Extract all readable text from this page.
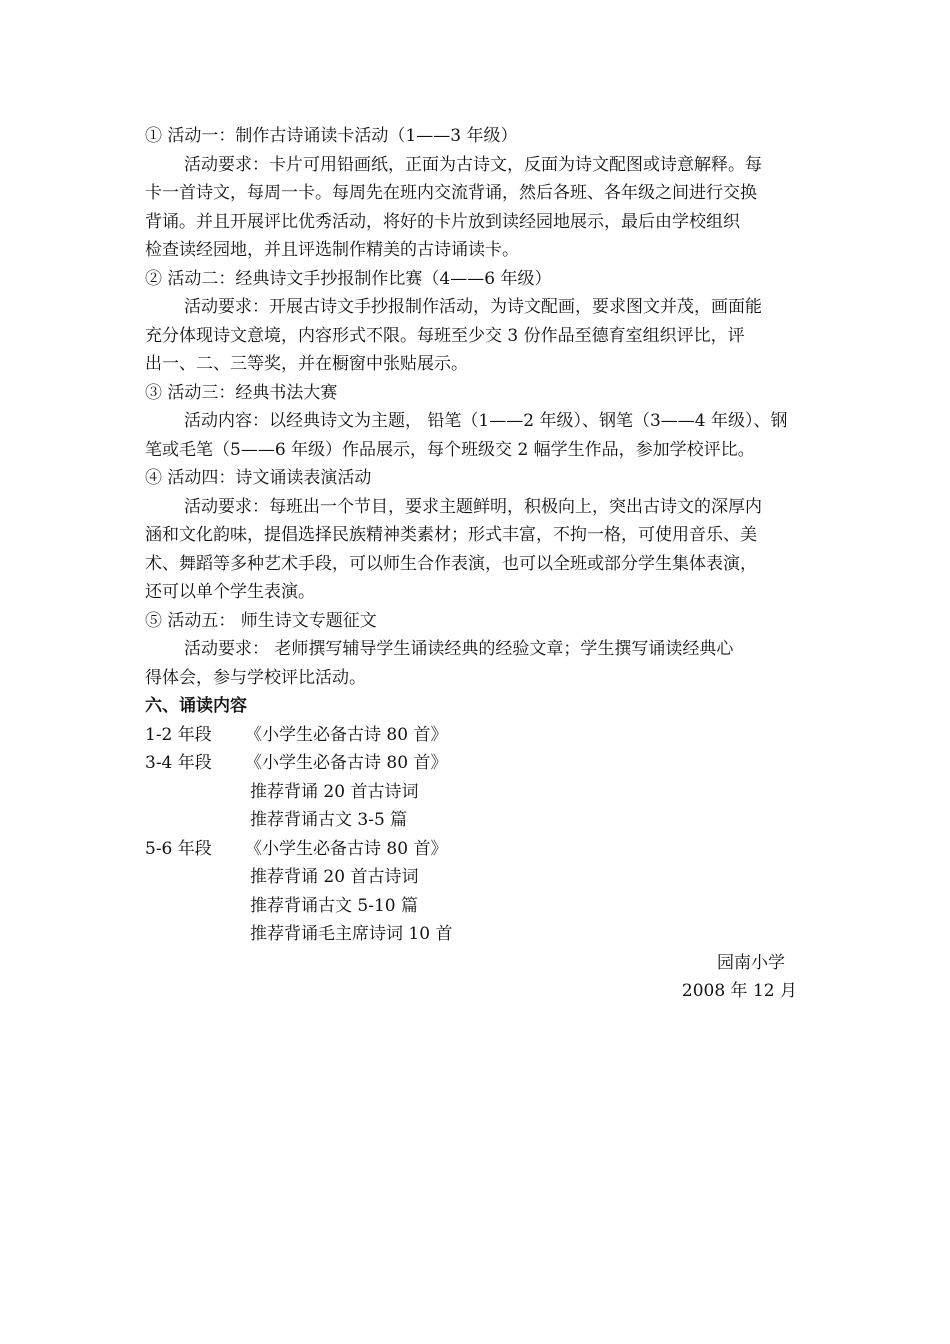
① 活动一：制作古诗诵读卡活动（1——3 年级）
活动要求：卡片可用铅画纸，正面为古诗文，反面为诗文配图或诗意解释。每
卡一首诗文，每周一卡。每周先在班内交流背诵，然后各班、各年级之间进行交换
背诵。并且开展评比优秀活动，将好的卡片放到读经园地展示，最后由学校组织
检查读经园地，并且评选制作精美的古诗诵读卡。
② 活动二：经典诗文手抄报制作比赛（4——6 年级）
活动要求：开展古诗文手抄报制作活动，为诗文配画，要求图文并茂，画面能
充分体现诗文意境，内容形式不限。每班至少交 3 份作品至德育室组织评比，评
出一、二、三等奖，并在橱窗中张贴展示。
③ 活动三：经典书法大赛
活动内容：以经典诗文为主题， 铅笔（1——2 年级）、钢笔（3——4 年级）、钢
笔或毛笔（5——6 年级）作品展示，每个班级交 2 幅学生作品，参加学校评比。
④ 活动四：诗文诵读表演活动
活动要求：每班出一个节目，要求主题鲜明，积极向上，突出古诗文的深厚内
涵和文化韵味，提倡选择民族精神类素材；形式丰富，不拘一格，可使用音乐、美
术、舞蹈等多种艺术手段，可以师生合作表演，也可以全班或部分学生集体表演，
还可以单个学生表演。
⑤ 活动五： 师生诗文专题征文
活动要求： 老师撰写辅导学生诵读经典的经验文章；学生撰写诵读经典心
得体会，参与学校评比活动。
六、诵读内容
1-2 年段	《小学生必备古诗 80 首》
3-4 年段	《小学生必备古诗 80 首》
推荐背诵 20 首古诗词
推荐背诵古文 3-5 篇
5-6 年段	《小学生必备古诗 80 首》
推荐背诵 20 首古诗词
推荐背诵古文 5-10 篇
推荐背诵毛主席诗词 10 首
园南小学
2008 年 12 月
